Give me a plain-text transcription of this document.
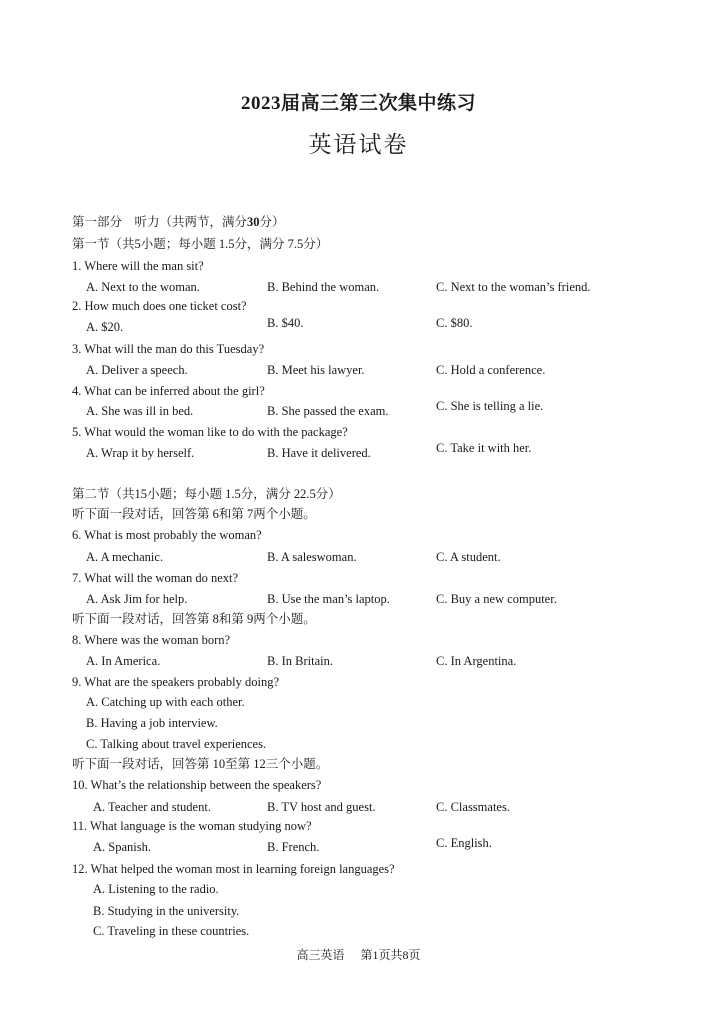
2023届高三第三次集中练习
英语试卷
第一部分　听力（共两节，满分30分）
第一节（共5小题；每小题 1.5分，满分 7.5分）
1. Where will the man sit?
A. Next to the woman.	B. Behind the woman.	C. Next to the woman’s friend.
2. How much does one ticket cost?
A. $20.	B. $40.	C. $80.
3. What will the man do this Tuesday?
A. Deliver a speech.	B. Meet his lawyer.	C. Hold a conference.
4. What can be inferred about the girl?
A. She was ill in bed.	B. She passed the exam.	C. She is telling a lie.
5. What would the woman like to do with the package?
A. Wrap it by herself.	B. Have it delivered.	C. Take it with her.
第二节（共15小题；每小题 1.5分，满分 22.5分）
听下面一段对话，回答第 6和第 7两个小题。
6. What is most probably the woman?
A. A mechanic.	B. A saleswoman.	C. A student.
7. What will the woman do next?
A. Ask Jim for help.	B. Use the man’s laptop.	C. Buy a new computer.
听下面一段对话，回答第 8和第 9两个小题。
8. Where was the woman born?
A. In America.	B. In Britain.	C. In Argentina.
9. What are the speakers probably doing?
A. Catching up with each other.
B. Having a job interview.
C. Talking about travel experiences.
听下面一段对话，回答第 10至第 12三个小题。
10. What’s the relationship between the speakers?
A. Teacher and student.	B. TV host and guest.	C. Classmates.
11. What language is the woman studying now?
A. Spanish.	B. French.	C. English.
12. What helped the woman most in learning foreign languages?
A. Listening to the radio.
B. Studying in the university.
C. Traveling in these countries.
高三英语 第1页共8页
